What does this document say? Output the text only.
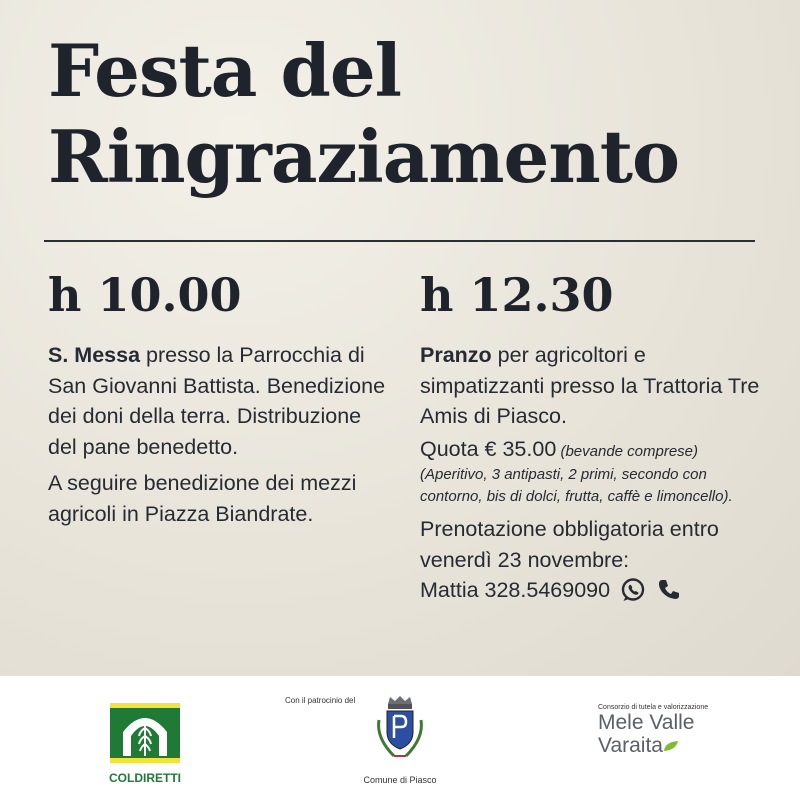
Festa del
Ringraziamento
h 10.00	h 12.30

S. Messa presso la Parrocchia di San Giovanni Battista. Benedizione dei doni della terra. Distribuzione del pane benedetto.

A seguire benedizione dei mezzi agricoli in Piazza Biandrate.

Pranzo per agricoltori e simpatizzanti presso la Trattoria Tre Amis di Piasco.

Quota € 35.00 (bevande comprese)

(Aperitivo, 3 antipasti, 2 primi, secondo con contorno, bis di dolci, frutta, caffè e limoncello).

Prenotazione obbligatoria entro venerdì 23 novembre:

Mattia 328.5469090

COLDIRETTI
Con il patrocinio del
Comune di Piasco
Consorzio di tutela e valorizzazione
Mele Valle
Varaita
